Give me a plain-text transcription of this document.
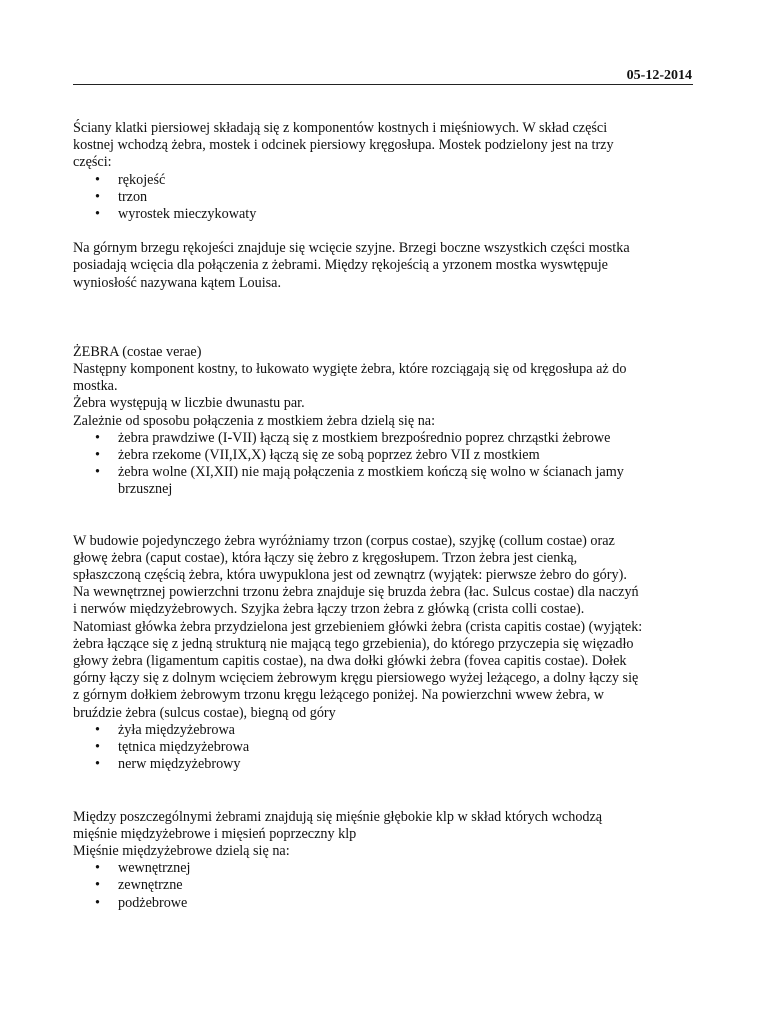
05-12-2014
Ściany klatki piersiowej składają się z komponentów kostnych i mięśniowych. W skład części
kostnej wchodzą żebra, mostek i odcinek piersiowy kręgosłupa. Mostek podzielony jest na trzy
części:
• rękojeść
• trzon
• wyrostek mieczykowaty
Na górnym brzegu rękojeści znajduje się wcięcie szyjne. Brzegi boczne wszystkich części mostka
posiadają wcięcia dla połączenia z żebrami. Między rękojeścią a yrzonem mostka wyswtępuje
wyniosłość nazywana kątem Louisa.
ŻEBRA (costae verae)
Następny komponent kostny, to łukowato wygięte żebra, które rozciągają się od kręgosłupa aż do
mostka.
Żebra występują w liczbie dwunastu par.
Zależnie od sposobu połączenia z mostkiem żebra dzielą się na:
• żebra prawdziwe (I-VII) łączą się z mostkiem brezpośrednio poprez chrząstki żebrowe
• żebra rzekome (VII,IX,X) łączą się ze sobą poprzez żebro VII z mostkiem
• żebra wolne (XI,XII) nie mają połączenia z mostkiem kończą się wolno w ścianach jamy
brzusznej
W budowie pojedynczego żebra wyróżniamy trzon (corpus costae), szyjkę (collum costae) oraz
głowę żebra (caput costae), która łączy się żebro z kręgosłupem. Trzon żebra jest cienką,
spłaszczoną częścią żebra, która uwypuklona jest od zewnątrz (wyjątek: pierwsze żebro do góry).
Na wewnętrznej powierzchni trzonu żebra znajduje się bruzda żebra (łac. Sulcus costae) dla naczyń
i nerwów międzyżebrowych. Szyjka żebra łączy trzon żebra z główką (crista colli costae).
Natomiast główka żebra przydzielona jest grzebieniem główki żebra (crista capitis costae) (wyjątek:
żebra łączące się z jedną strukturą nie mającą tego grzebienia), do którego przyczepia się więzadło
głowy żebra (ligamentum capitis costae), na dwa dołki główki żebra (fovea capitis costae). Dołek
górny łączy się z dolnym wcięciem żebrowym kręgu piersiowego wyżej leżącego, a dolny łączy się
z górnym dołkiem żebrowym trzonu kręgu leżącego poniżej. Na powierzchni wwew żebra, w
bruździe żebra (sulcus costae), biegną od góry
• żyła międzyżebrowa
• tętnica międzyżebrowa
• nerw międzyżebrowy
Między poszczególnymi żebrami znajdują się mięśnie głębokie klp w skład których wchodzą
mięśnie międzyżebrowe i mięsień poprzeczny klp
Mięśnie międzyżebrowe dzielą się na:
• wewnętrznej
• zewnętrzne
• podżebrowe
